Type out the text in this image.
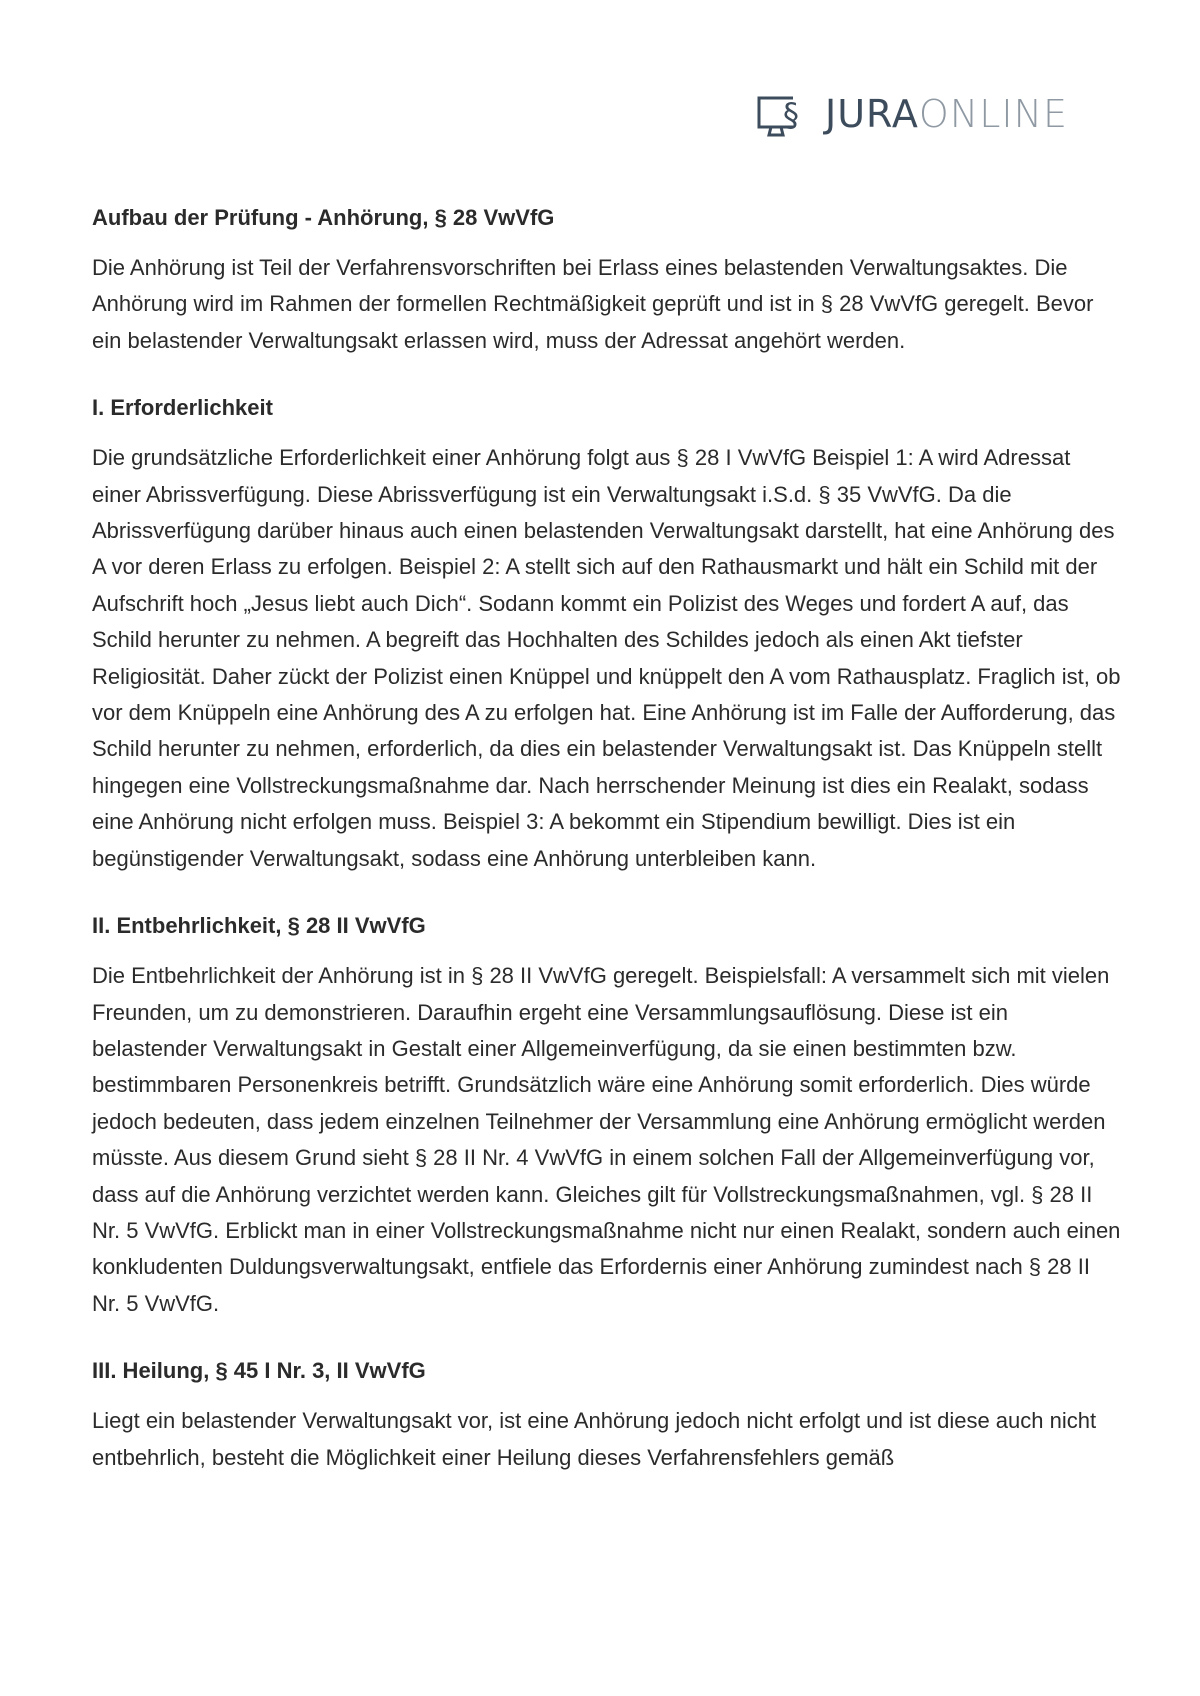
§ JURAONLINE
Aufbau der Prüfung - Anhörung, § 28 VwVfG

Die Anhörung ist Teil der Verfahrensvorschriften bei Erlass eines belastenden Verwaltungsaktes. Die Anhörung wird im Rahmen der formellen Rechtmäßigkeit geprüft und ist in § 28 VwVfG geregelt. Bevor ein belastender Verwaltungsakt erlassen wird, muss der Adressat angehört werden.

I. Erforderlichkeit

Die grundsätzliche Erforderlichkeit einer Anhörung folgt aus § 28 I VwVfG Beispiel 1: A wird Adressat einer Abrissverfügung. Diese Abrissverfügung ist ein Verwaltungsakt i.S.d. § 35 VwVfG. Da die Abrissverfügung darüber hinaus auch einen belastenden Verwaltungsakt darstellt, hat eine Anhörung des A vor deren Erlass zu erfolgen. Beispiel 2: A stellt sich auf den Rathausmarkt und hält ein Schild mit der Aufschrift hoch „Jesus liebt auch Dich“. Sodann kommt ein Polizist des Weges und fordert A auf, das Schild herunter zu nehmen. A begreift das Hochhalten des Schildes jedoch als einen Akt tiefster Religiosität. Daher zückt der Polizist einen Knüppel und knüppelt den A vom Rathausplatz. Fraglich ist, ob vor dem Knüppeln eine Anhörung des A zu erfolgen hat. Eine Anhörung ist im Falle der Aufforderung, das Schild herunter zu nehmen, erforderlich, da dies ein belastender Verwaltungsakt ist. Das Knüppeln stellt hingegen eine Vollstreckungsmaßnahme dar. Nach herrschender Meinung ist dies ein Realakt, sodass eine Anhörung nicht erfolgen muss. Beispiel 3: A bekommt ein Stipendium bewilligt. Dies ist ein begünstigender Verwaltungsakt, sodass eine Anhörung unterbleiben kann.

II. Entbehrlichkeit, § 28 II VwVfG

Die Entbehrlichkeit der Anhörung ist in § 28 II VwVfG geregelt. Beispielsfall: A versammelt sich mit vielen Freunden, um zu demonstrieren. Daraufhin ergeht eine Versammlungsauflösung. Diese ist ein belastender Verwaltungsakt in Gestalt einer Allgemeinverfügung, da sie einen bestimmten bzw. bestimmbaren Personenkreis betrifft. Grundsätzlich wäre eine Anhörung somit erforderlich. Dies würde jedoch bedeuten, dass jedem einzelnen Teilnehmer der Versammlung eine Anhörung ermöglicht werden müsste. Aus diesem Grund sieht § 28 II Nr. 4 VwVfG in einem solchen Fall der Allgemeinverfügung vor, dass auf die Anhörung verzichtet werden kann. Gleiches gilt für Vollstreckungsmaßnahmen, vgl. § 28 II Nr. 5 VwVfG. Erblickt man in einer Vollstreckungsmaßnahme nicht nur einen Realakt, sondern auch einen konkludenten Duldungsverwaltungsakt, entfiele das Erfordernis einer Anhörung zumindest nach § 28 II Nr. 5 VwVfG.

III. Heilung, § 45 I Nr. 3, II VwVfG

Liegt ein belastender Verwaltungsakt vor, ist eine Anhörung jedoch nicht erfolgt und ist diese auch nicht entbehrlich, besteht die Möglichkeit einer Heilung dieses Verfahrensfehlers gemäß
